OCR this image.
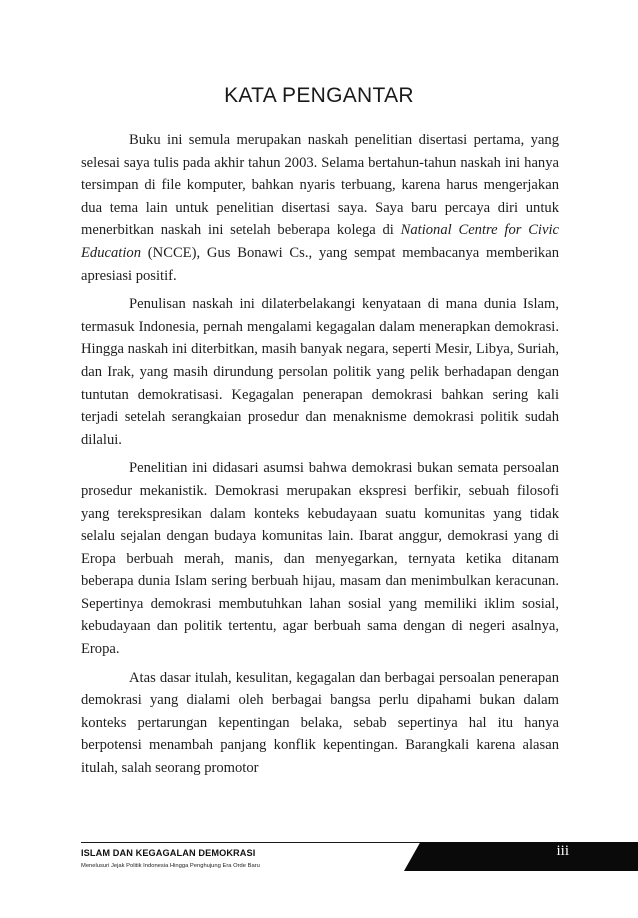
KATA PENGANTAR

Buku ini semula merupakan naskah penelitian disertasi pertama, yang selesai saya tulis pada akhir tahun 2003. Selama bertahun-tahun naskah ini hanya tersimpan di file komputer, bahkan nyaris terbuang, karena harus mengerjakan dua tema lain untuk penelitian disertasi saya. Saya baru percaya diri untuk menerbitkan naskah ini setelah beberapa kolega di National Centre for Civic Education (NCCE), Gus Bonawi Cs., yang sempat membacanya memberikan apresiasi positif.

Penulisan naskah ini dilaterbelakangi kenyataan di mana dunia Islam, termasuk Indonesia, pernah mengalami kegagalan dalam menerapkan demokrasi. Hingga naskah ini diterbitkan, masih banyak negara, seperti Mesir, Libya, Suriah, dan Irak, yang masih dirundung persolan politik yang pelik berhadapan dengan tuntutan demokratisasi. Kegagalan penerapan demokrasi bahkan sering kali terjadi setelah serangkaian prosedur dan menaknisme demokrasi politik sudah dilalui.

Penelitian ini didasari asumsi bahwa demokrasi bukan semata persoalan prosedur mekanistik. Demokrasi merupakan ekspresi berfikir, sebuah filosofi yang terekspresikan dalam konteks kebudayaan suatu komunitas yang tidak selalu sejalan dengan budaya komunitas lain. Ibarat anggur, demokrasi yang di Eropa berbuah merah, manis, dan menyegarkan, ternyata ketika ditanam beberapa dunia Islam sering berbuah hijau, masam dan menimbulkan keracunan. Sepertinya demokrasi membutuhkan lahan sosial yang memiliki iklim sosial, kebudayaan dan politik tertentu, agar berbuah sama dengan di negeri asalnya, Eropa.

Atas dasar itulah, kesulitan, kegagalan dan berbagai persoalan penerapan demokrasi yang dialami oleh berbagai bangsa perlu dipahami bukan dalam konteks pertarungan kepentingan belaka, sebab sepertinya hal itu hanya berpotensi menambah panjang konflik kepentingan. Barangkali karena alasan itulah, salah seorang promotor

ISLAM DAN KEGAGALAN DEMOKRASI
Menelusuri Jejak Politik Indonesia Hingga Penghujung Era Orde Baru
iii
